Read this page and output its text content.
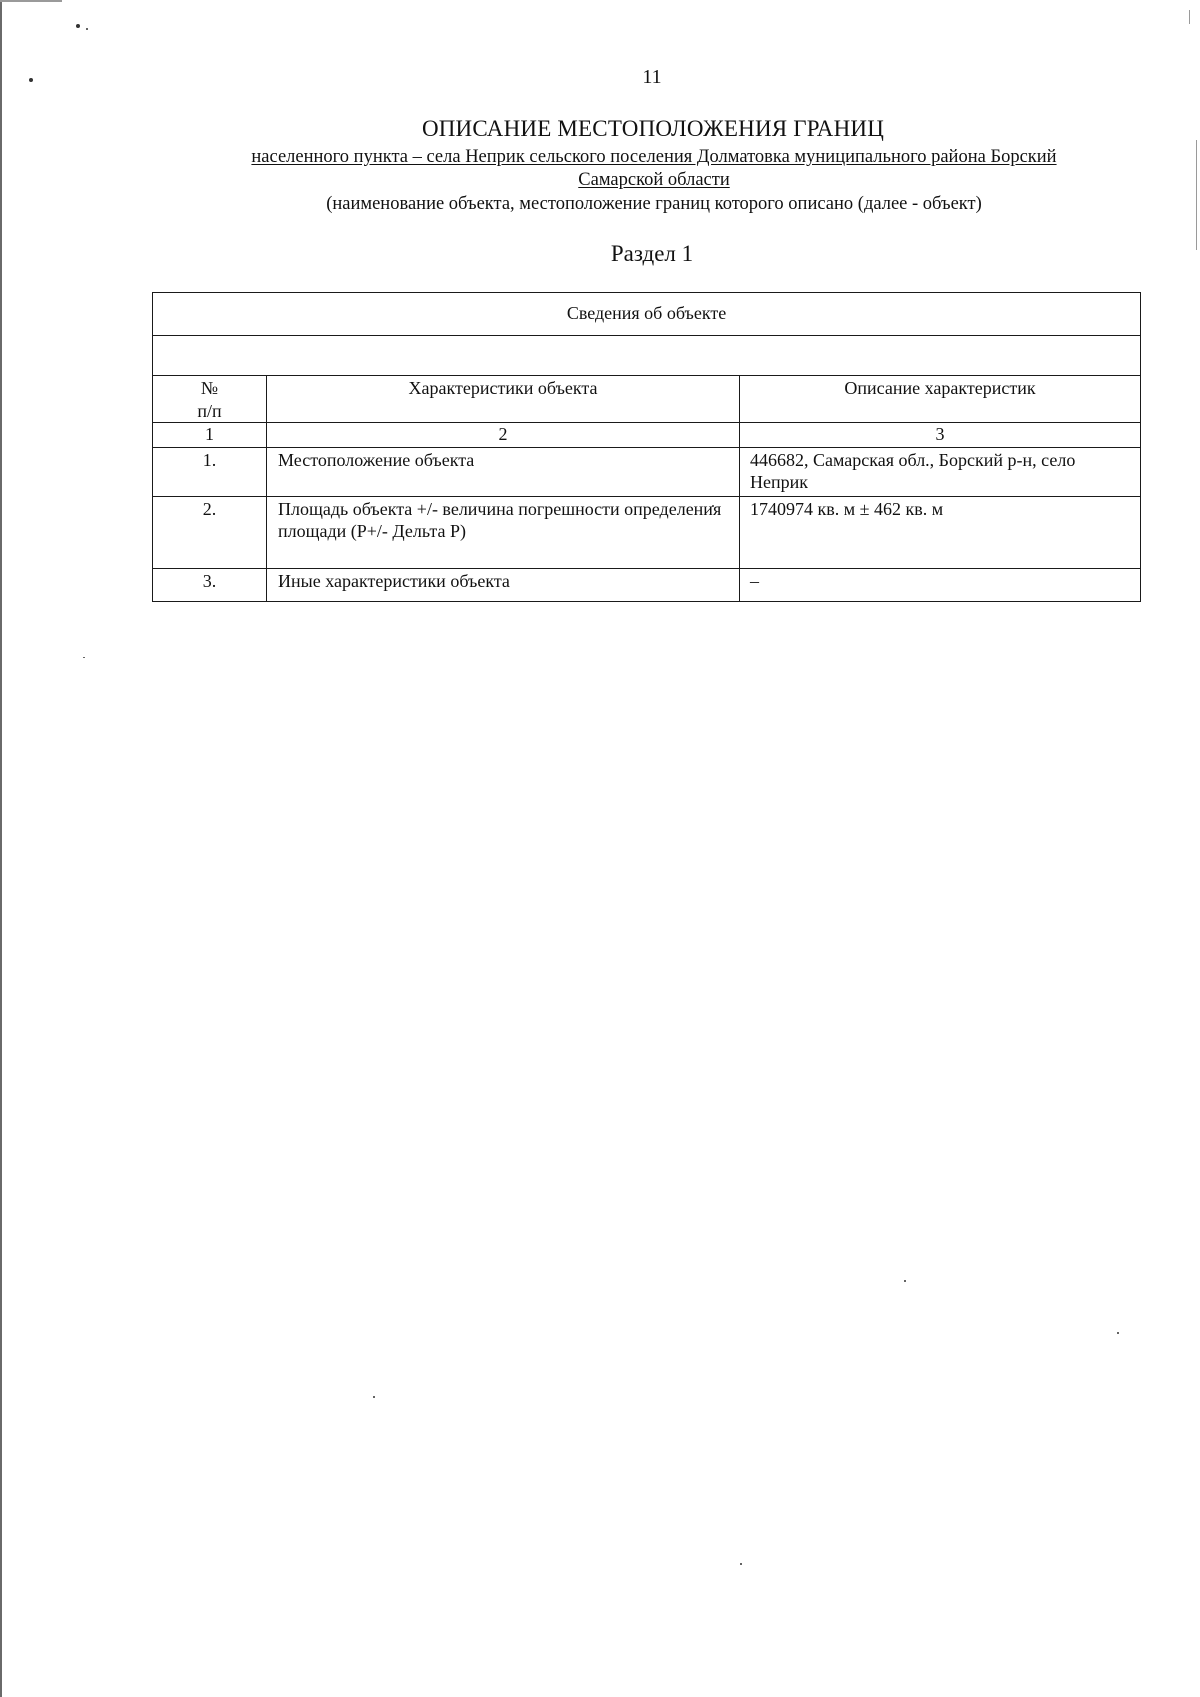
11
ОПИСАНИЕ МЕСТОПОЛОЖЕНИЯ ГРАНИЦ
населенного пункта – села Неприк сельского поселения Долматовка муниципального района Борский
Самарской области
(наименование объекта, местоположение границ которого описано (далее - объект)
Раздел 1
Сведения об объекте		

№
п/п	Характеристики объекта	Описание характеристик

1	2	3
1.	Местоположение объекта	446682, Самарская обл., Борский р-н, село Неприк
2.	Площадь объекта +/- величина погрешности определения площади (Р+/- Дельта Р)	1740974 кв. м ± 462 кв. м
3.	Иные характеристики объекта	–
